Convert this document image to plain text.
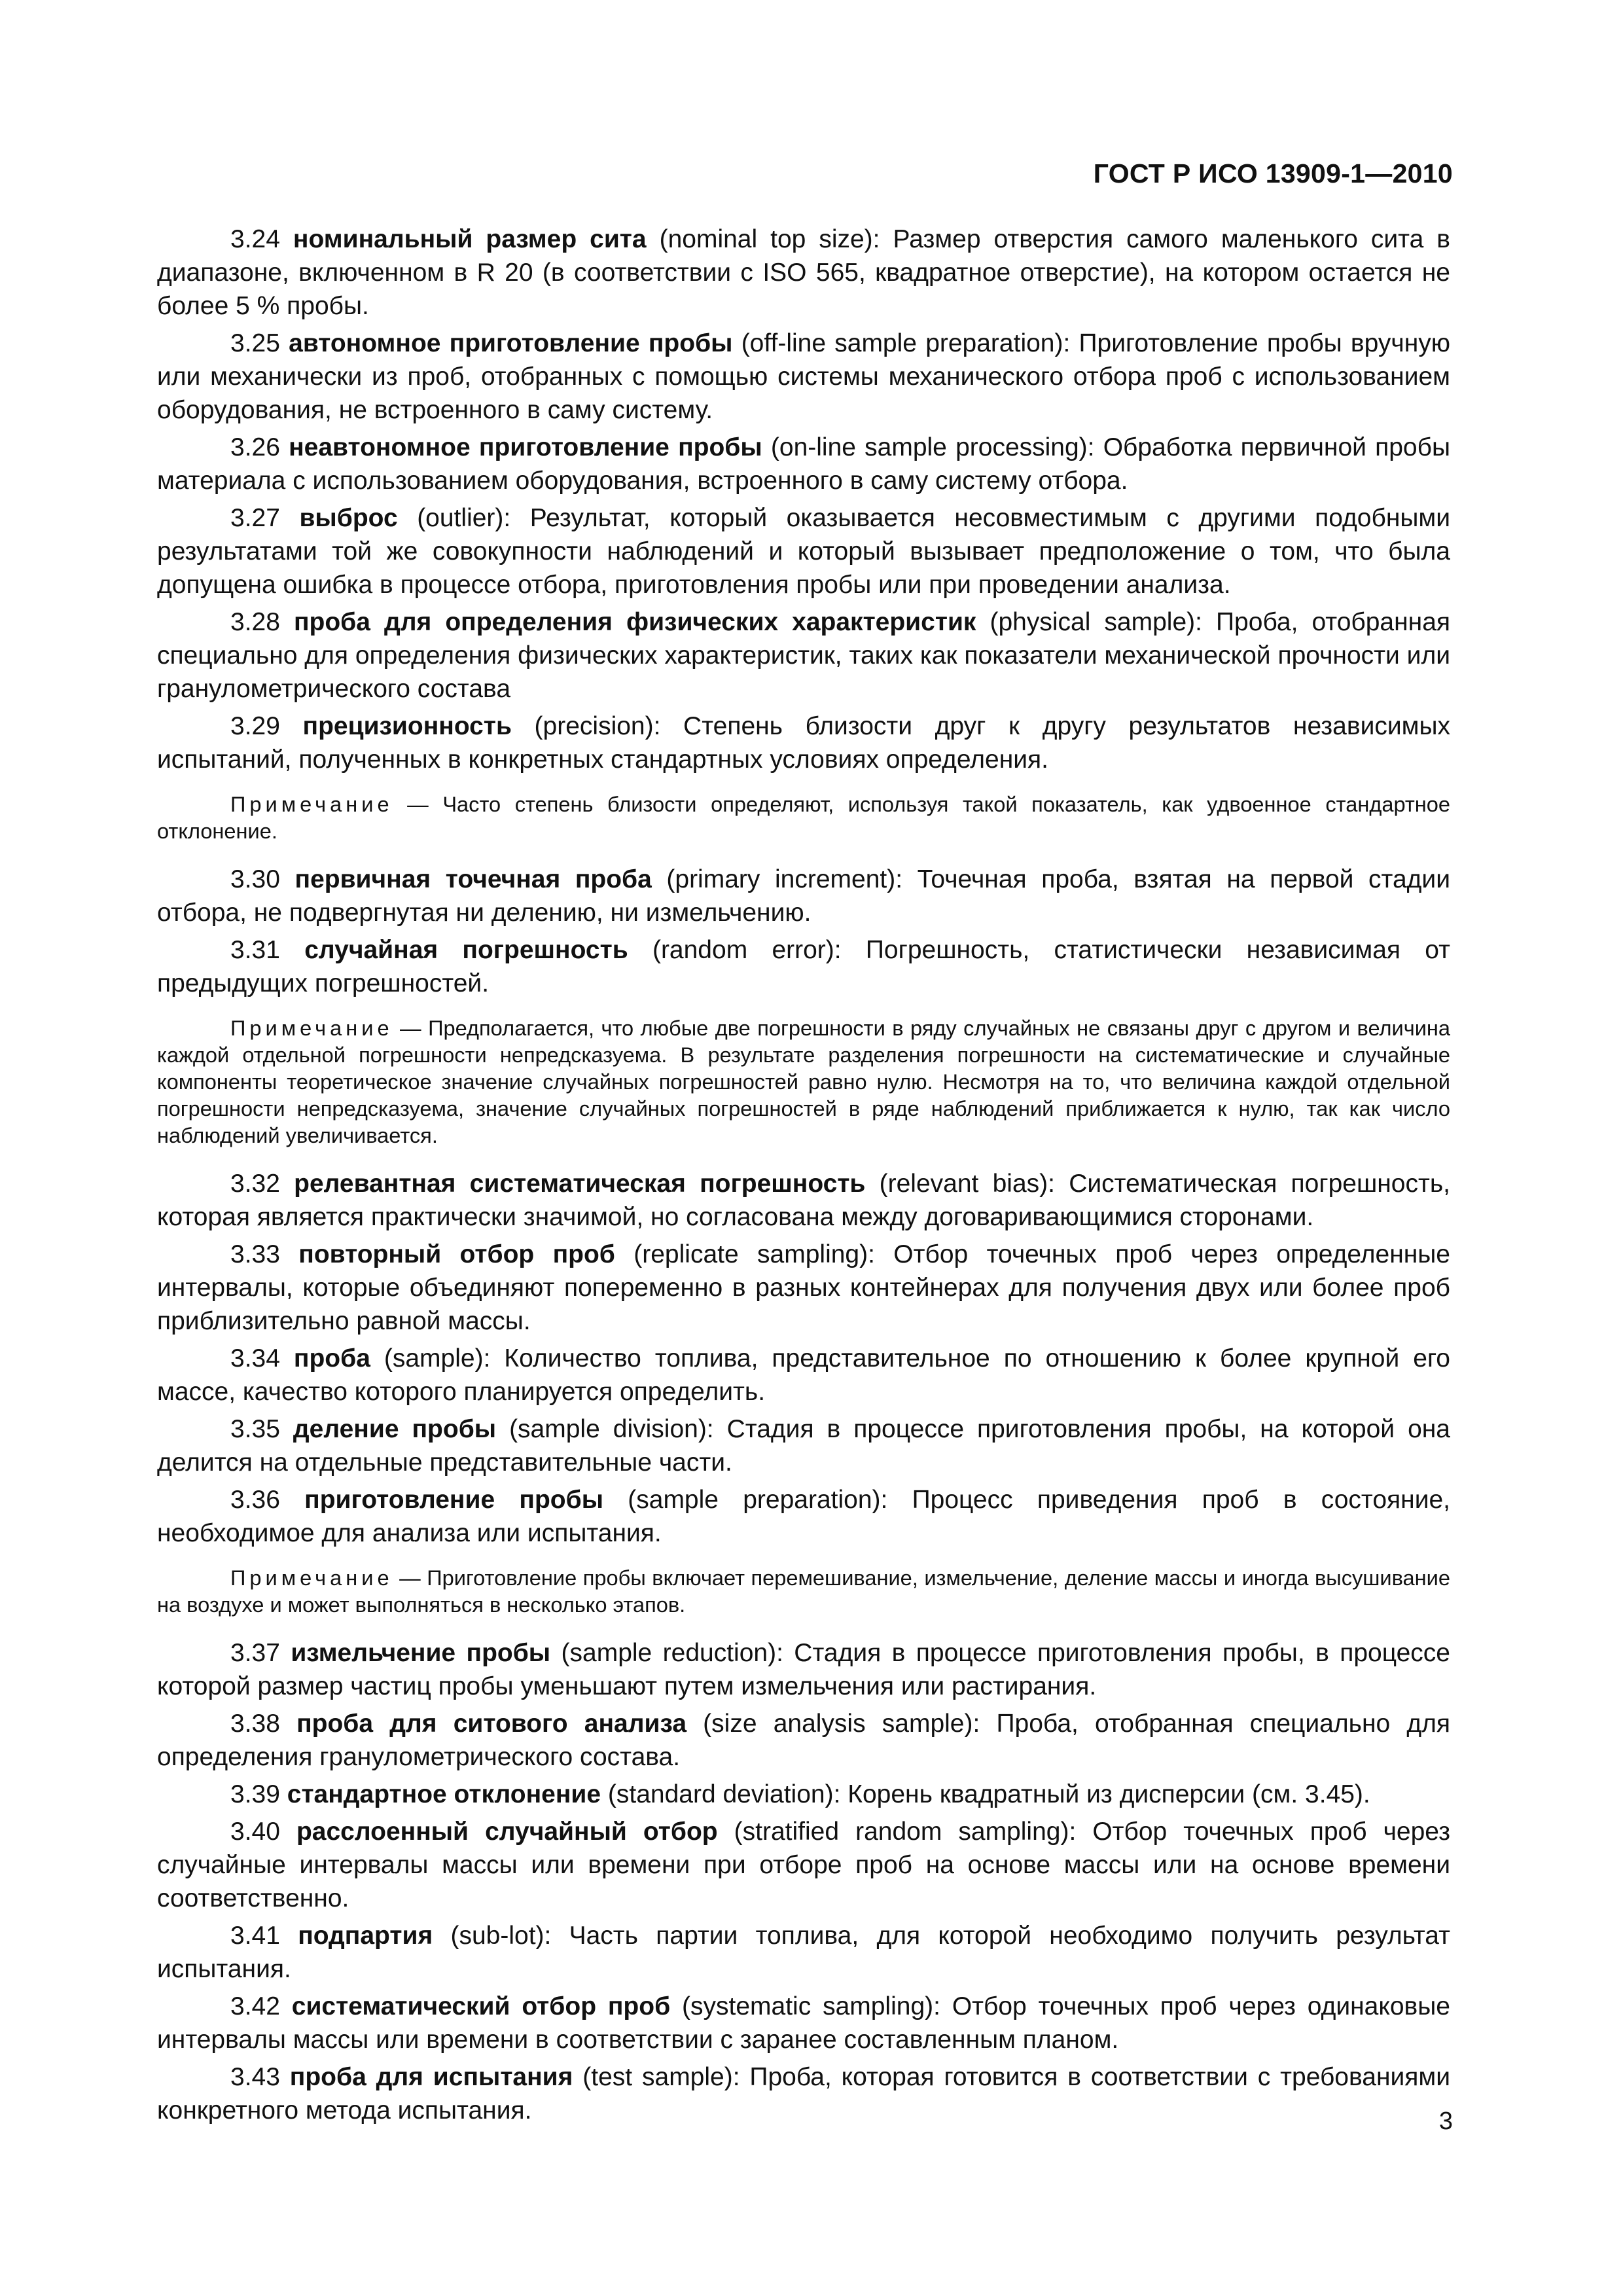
ГОСТ Р ИСО 13909-1—2010

3.24 номинальный размер сита (nominal top size): Размер отверстия самого маленького сита в диапазоне, включенном в R 20 (в соответствии с ISO 565, квадратное отверстие), на котором остается не более 5 % пробы.

3.25 автономное приготовление пробы (off-line sample preparation): Приготовление пробы вручную или механически из проб, отобранных с помощью системы механического отбора проб с использованием оборудования, не встроенного в саму систему.

3.26 неавтономное приготовление пробы (on-line sample processing): Обработка первичной пробы материала с использованием оборудования, встроенного в саму систему отбора.

3.27 выброс (outlier): Результат, который оказывается несовместимым с другими подобными результатами той же совокупности наблюдений и который вызывает предположение о том, что была допущена ошибка в процессе отбора, приготовления пробы или при проведении анализа.

3.28 проба для определения физических характеристик (physical sample): Проба, отобранная специально для определения физических характеристик, таких как показатели механической прочности или гранулометрического состава

3.29 прецизионность (precision): Степень близости друг к другу результатов независимых испытаний, полученных в конкретных стандартных условиях определения.

Примечание — Часто степень близости определяют, используя такой показатель, как удвоенное стандартное отклонение.

3.30 первичная точечная проба (primary increment): Точечная проба, взятая на первой стадии отбора, не подвергнутая ни делению, ни измельчению.

3.31 случайная погрешность (random error): Погрешность, статистически независимая от предыдущих погрешностей.

Примечание — Предполагается, что любые две погрешности в ряду случайных не связаны друг с другом и величина каждой отдельной погрешности непредсказуема. В результате разделения погрешности на систематические и случайные компоненты теоретическое значение случайных погрешностей равно нулю. Несмотря на то, что величина каждой отдельной погрешности непредсказуема, значение случайных погрешностей в ряде наблюдений приближается к нулю, так как число наблюдений увеличивается.

3.32 релевантная систематическая погрешность (relevant bias): Систематическая погрешность, которая является практически значимой, но согласована между договаривающимися сторонами.

3.33 повторный отбор проб (replicate sampling): Отбор точечных проб через определенные интервалы, которые объединяют попеременно в разных контейнерах для получения двух или более проб приблизительно равной массы.

3.34 проба (sample): Количество топлива, представительное по отношению к более крупной его массе, качество которого планируется определить.

3.35 деление пробы (sample division): Стадия в процессе приготовления пробы, на которой она делится на отдельные представительные части.

3.36 приготовление пробы (sample preparation): Процесс приведения проб в состояние, необходимое для анализа или испытания.

Примечание — Приготовление пробы включает перемешивание, измельчение, деление массы и иногда высушивание на воздухе и может выполняться в несколько этапов.

3.37 измельчение пробы (sample reduction): Стадия в процессе приготовления пробы, в процессе которой размер частиц пробы уменьшают путем измельчения или растирания.

3.38 проба для ситового анализа (size analysis sample): Проба, отобранная специально для определения гранулометрического состава.

3.39 стандартное отклонение (standard deviation): Корень квадратный из дисперсии (см. 3.45).

3.40 расслоенный случайный отбор (stratified random sampling): Отбор точечных проб через случайные интервалы массы или времени при отборе проб на основе массы или на основе времени соответственно.

3.41 подпартия (sub-lot): Часть партии топлива, для которой необходимо получить результат испытания.

3.42 систематический отбор проб (systematic sampling): Отбор точечных проб через одинаковые интервалы массы или времени в соответствии с заранее составленным планом.

3.43 проба для испытания (test sample): Проба, которая готовится в соответствии с требованиями конкретного метода испытания.	3
